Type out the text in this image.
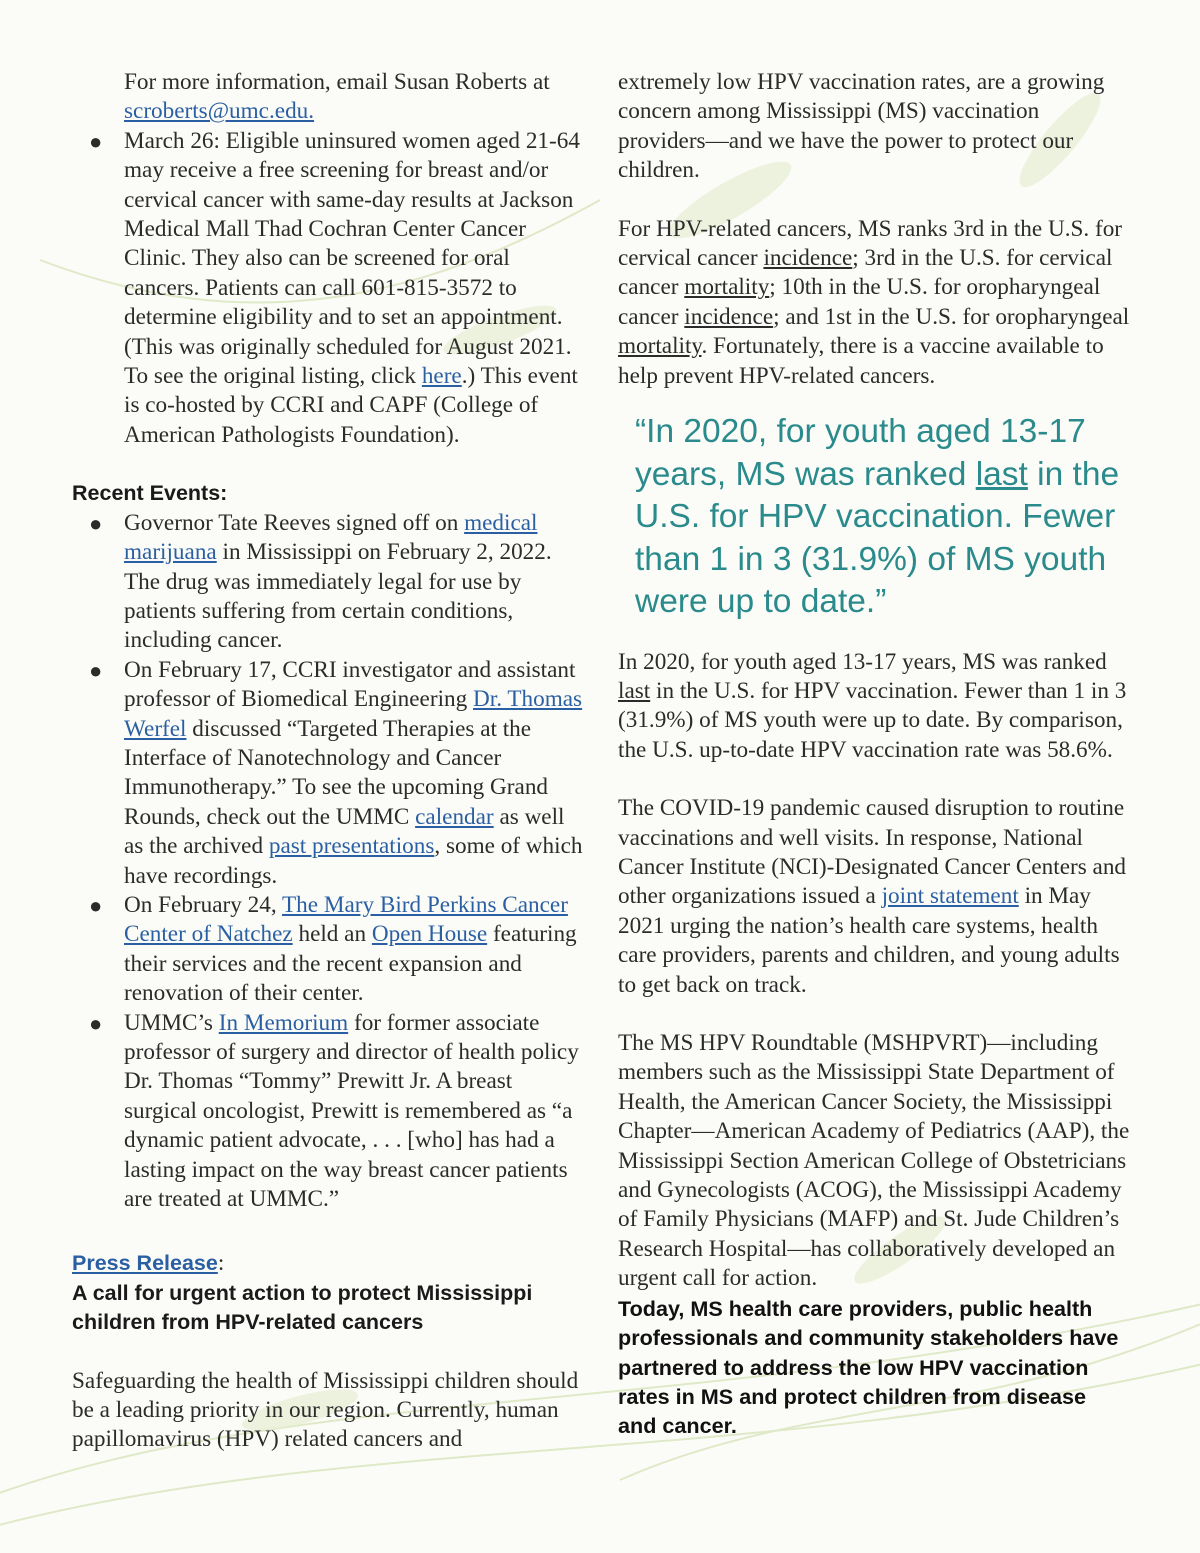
For more information, email Susan Roberts at scroberts@umc.edu.

● March 26: Eligible uninsured women aged 21-64 may receive a free screening for breast and/or cervical cancer with same-day results at Jackson Medical Mall Thad Cochran Center Cancer Clinic. They also can be screened for oral cancers. Patients can call 601-815-3572 to determine eligibility and to set an appointment. (This was originally scheduled for August 2021. To see the original listing, click here.) This event is co-hosted by CCRI and CAPF (College of American Pathologists Foundation).

Recent Events:

● Governor Tate Reeves signed off on medical marijuana in Mississippi on February 2, 2022. The drug was immediately legal for use by patients suffering from certain conditions, including cancer.
● On February 17, CCRI investigator and assistant professor of Biomedical Engineering Dr. Thomas Werfel discussed “Targeted Therapies at the Interface of Nanotechnology and Cancer Immunotherapy.” To see the upcoming Grand Rounds, check out the UMMC calendar as well as the archived past presentations, some of which have recordings.
● On February 24, The Mary Bird Perkins Cancer Center of Natchez held an Open House featuring their services and the recent expansion and renovation of their center.
● UMMC’s In Memorium for former associate professor of surgery and director of health policy Dr. Thomas “Tommy” Prewitt Jr. A breast surgical oncologist, Prewitt is remembered as “a dynamic patient advocate, . . . [who] has had a lasting impact on the way breast cancer patients are treated at UMMC.”

Press Release:

A call for urgent action to protect Mississippi children from HPV-related cancers

Safeguarding the health of Mississippi children should be a leading priority in our region. Currently, human papillomavirus (HPV) related cancers and

extremely low HPV vaccination rates, are a growing concern among Mississippi (MS) vaccination providers—and we have the power to protect our children.

For HPV-related cancers, MS ranks 3rd in the U.S. for cervical cancer incidence; 3rd in the U.S. for cervical cancer mortality; 10th in the U.S. for oropharyngeal cancer incidence; and 1st in the U.S. for oropharyngeal mortality. Fortunately, there is a vaccine available to help prevent HPV-related cancers.

“In 2020, for youth aged 13-17 years, MS was ranked last in the U.S. for HPV vaccination. Fewer than 1 in 3 (31.9%) of MS youth were up to date.”

In 2020, for youth aged 13-17 years, MS was ranked last in the U.S. for HPV vaccination. Fewer than 1 in 3 (31.9%) of MS youth were up to date. By comparison, the U.S. up-to-date HPV vaccination rate was 58.6%.

The COVID-19 pandemic caused disruption to routine vaccinations and well visits. In response, National Cancer Institute (NCI)-Designated Cancer Centers and other organizations issued a joint statement in May 2021 urging the nation’s health care systems, health care providers, parents and children, and young adults to get back on track.

The MS HPV Roundtable (MSHPVRT)—including members such as the Mississippi State Department of Health, the American Cancer Society, the Mississippi Chapter—American Academy of Pediatrics (AAP), the Mississippi Section American College of Obstetricians and Gynecologists (ACOG), the Mississippi Academy of Family Physicians (MAFP) and St. Jude Children’s Research Hospital—has collaboratively developed an urgent call for action.

Today, MS health care providers, public health professionals and community stakeholders have partnered to address the low HPV vaccination rates in MS and protect children from disease and cancer.
